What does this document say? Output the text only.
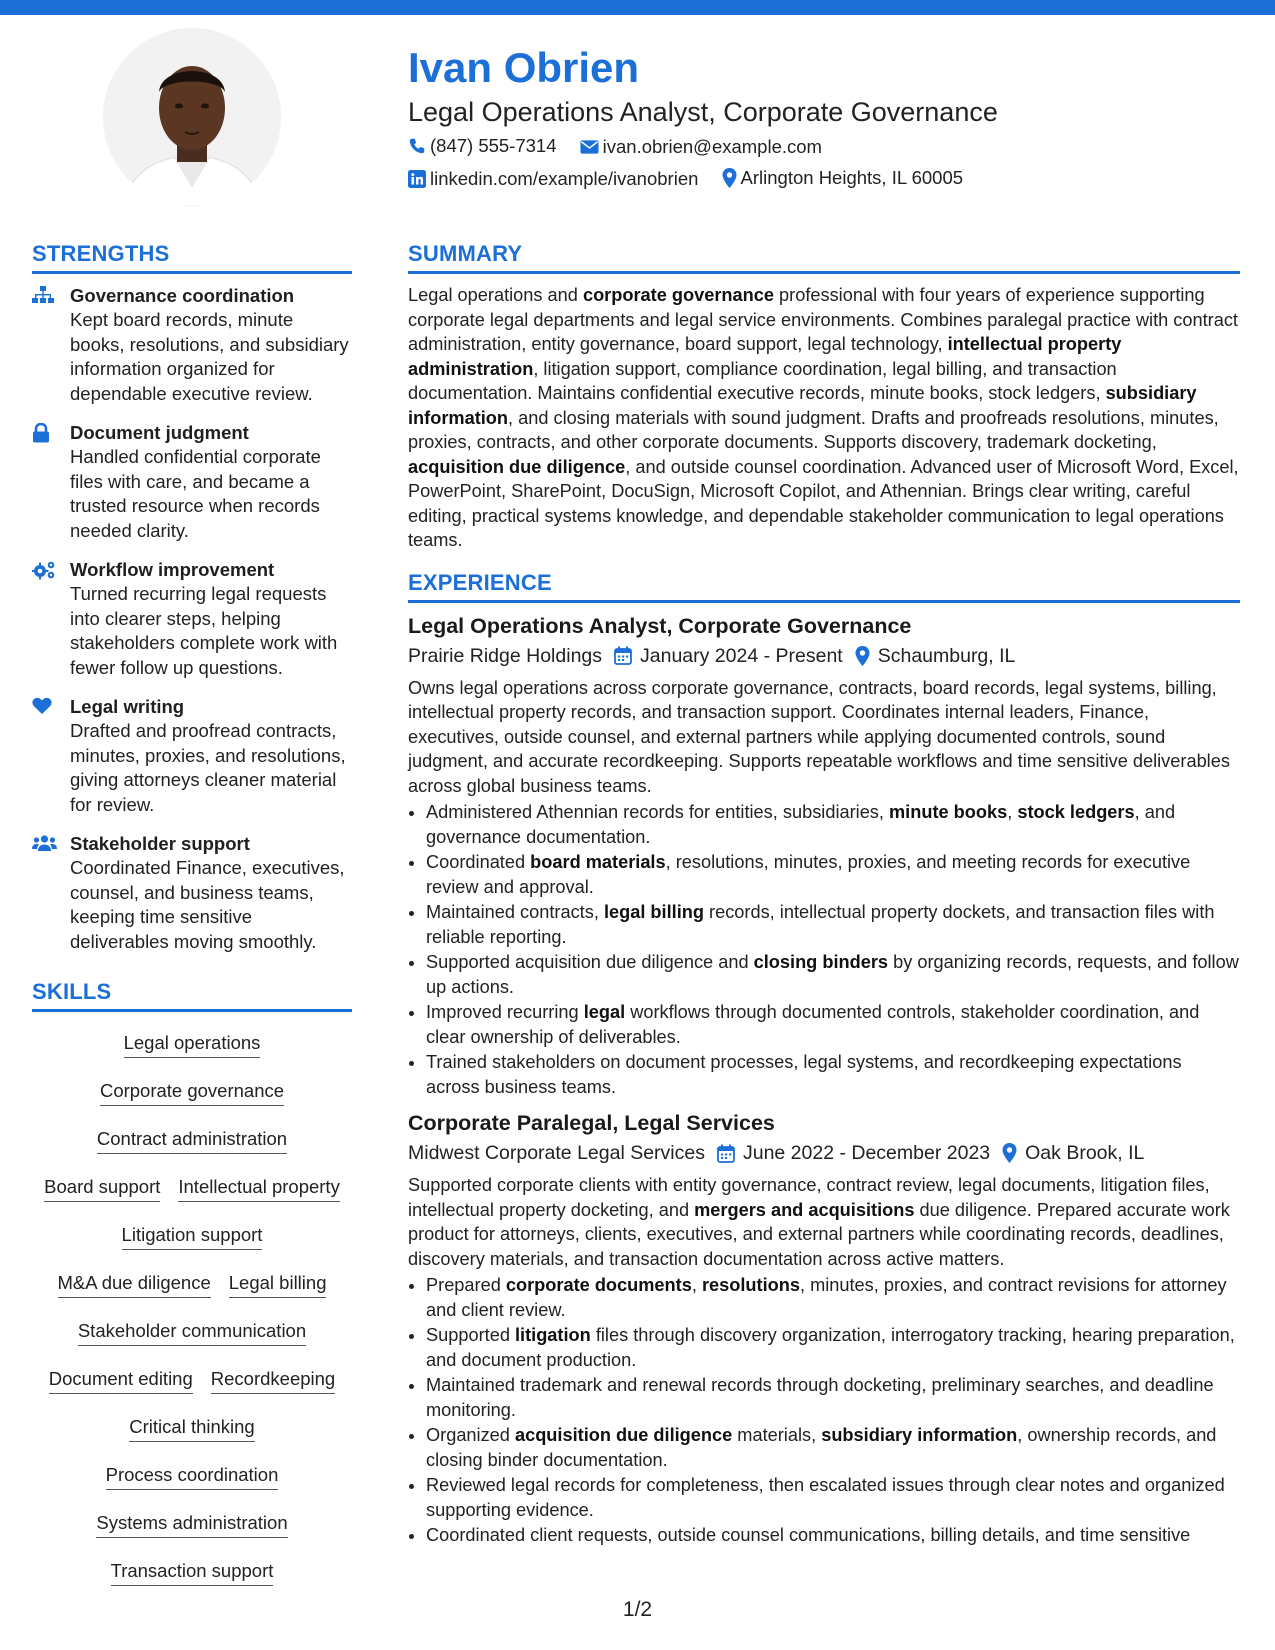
Ivan Obrien
Legal Operations Analyst, Corporate Governance
(847) 555-7314
ivan.obrien@example.com
linkedin.com/example/ivanobrien
Arlington Heights, IL 60005
STRENGTHS
Governance coordination
Kept board records, minute books, resolutions, and subsidiary information organized for dependable executive review.
Document judgment
Handled confidential corporate files with care, and became a trusted resource when records needed clarity.
Workflow improvement
Turned recurring legal requests into clearer steps, helping stakeholders complete work with fewer follow up questions.
Legal writing
Drafted and proofread contracts, minutes, proxies, and resolutions, giving attorneys cleaner material for review.
Stakeholder support
Coordinated Finance, executives, counsel, and business teams, keeping time sensitive deliverables moving smoothly.
SKILLS
Legal operations
Corporate governance
Contract administration
Board support Intellectual property
Litigation support
M&A due diligence Legal billing
Stakeholder communication
Document editing Recordkeeping
Critical thinking
Process coordination
Systems administration
Transaction support
SUMMARY

Legal operations and corporate governance professional with four years of experience supporting corporate legal departments and legal service environments. Combines paralegal practice with contract administration, entity governance, board support, legal technology, intellectual property administration, litigation support, compliance coordination, legal billing, and transaction documentation. Maintains confidential executive records, minute books, stock ledgers, subsidiary information, and closing materials with sound judgment. Drafts and proofreads resolutions, minutes, proxies, contracts, and other corporate documents. Supports discovery, trademark docketing, acquisition due diligence, and outside counsel coordination. Advanced user of Microsoft Word, Excel, PowerPoint, SharePoint, DocuSign, Microsoft Copilot, and Athennian. Brings clear writing, careful editing, practical systems knowledge, and dependable stakeholder communication to legal operations teams.

EXPERIENCE
Legal Operations Analyst, Corporate Governance
Prairie Ridge Holdings January 2024 - Present Schaumburg, IL

Owns legal operations across corporate governance, contracts, board records, legal systems, billing, intellectual property records, and transaction support. Coordinates internal leaders, Finance, executives, outside counsel, and external partners while applying documented controls, sound judgment, and accurate recordkeeping. Supports repeatable workflows and time sensitive deliverables across global business teams.

• Administered Athennian records for entities, subsidiaries, minute books, stock ledgers, and governance documentation.
• Coordinated board materials, resolutions, minutes, proxies, and meeting records for executive review and approval.
• Maintained contracts, legal billing records, intellectual property dockets, and transaction files with reliable reporting.
• Supported acquisition due diligence and closing binders by organizing records, requests, and follow up actions.
• Improved recurring legal workflows through documented controls, stakeholder coordination, and clear ownership of deliverables.
• Trained stakeholders on document processes, legal systems, and recordkeeping expectations across business teams.
Corporate Paralegal, Legal Services
Midwest Corporate Legal Services June 2022 - December 2023 Oak Brook, IL

Supported corporate clients with entity governance, contract review, legal documents, litigation files, intellectual property docketing, and mergers and acquisitions due diligence. Prepared accurate work product for attorneys, clients, executives, and external partners while coordinating records, deadlines, discovery materials, and transaction documentation across active matters.

• Prepared corporate documents, resolutions, minutes, proxies, and contract revisions for attorney and client review.
• Supported litigation files through discovery organization, interrogatory tracking, hearing preparation, and document production.
• Maintained trademark and renewal records through docketing, preliminary searches, and deadline monitoring.
• Organized acquisition due diligence materials, subsidiary information, ownership records, and closing binder documentation.
• Reviewed legal records for completeness, then escalated issues through clear notes and organized supporting evidence.
• Coordinated client requests, outside counsel communications, billing details, and time sensitive
1/2
